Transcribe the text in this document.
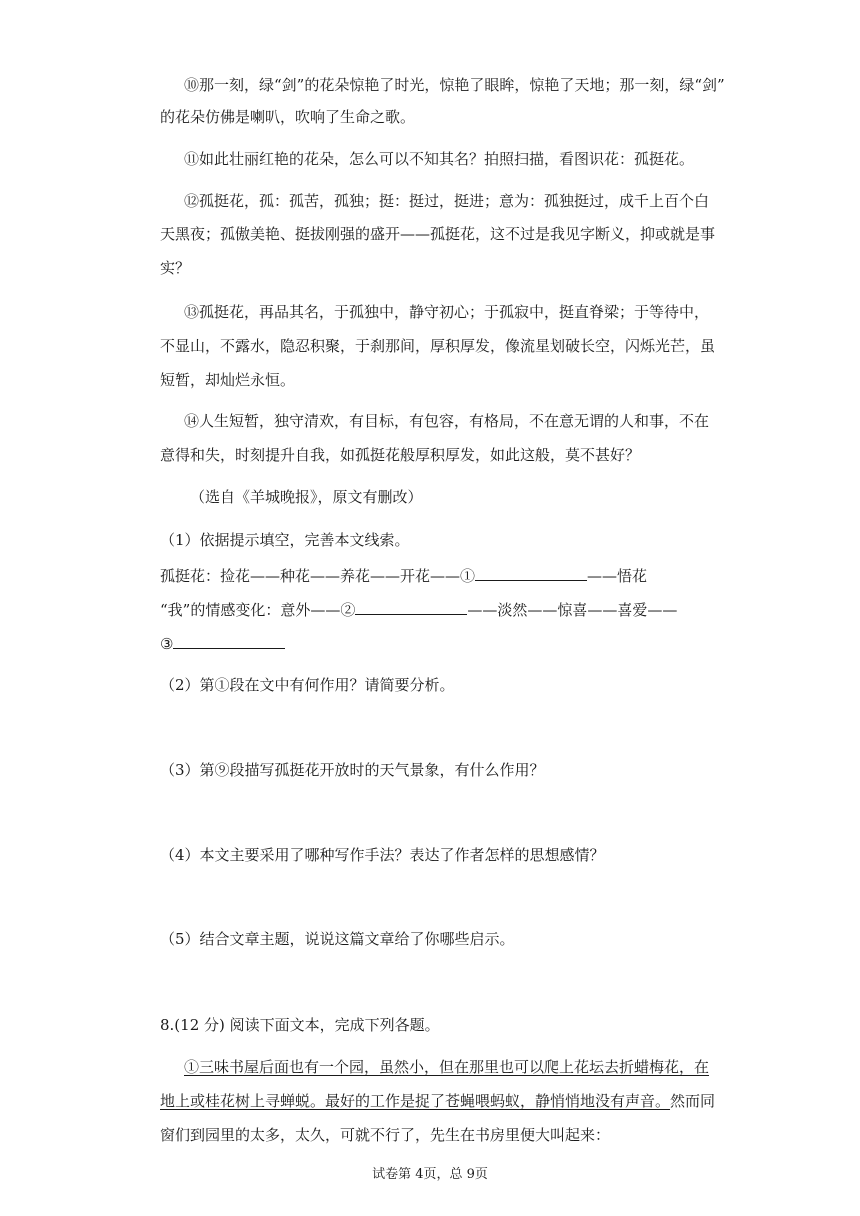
⑩那一刻，绿“剑”的花朵惊艳了时光，惊艳了眼眸，惊艳了天地；那一刻，绿“剑”
的花朵仿佛是喇叭，吹响了生命之歌。
⑪如此壮丽红艳的花朵，怎么可以不知其名？拍照扫描，看图识花：孤挺花。
⑫孤挺花，孤：孤苦，孤独；挺：挺过，挺进；意为：孤独挺过，成千上百个白
天黑夜；孤傲美艳、挺拔刚强的盛开——孤挺花，这不过是我见字断义，抑或就是事
实？
⑬孤挺花，再品其名，于孤独中，静守初心；于孤寂中，挺直脊梁；于等待中，
不显山，不露水，隐忍积聚，于刹那间，厚积厚发，像流星划破长空，闪烁光芒，虽
短暂，却灿烂永恒。
⑭人生短暂，独守清欢，有目标，有包容，有格局，不在意无谓的人和事，不在
意得和失，时刻提升自我，如孤挺花般厚积厚发，如此这般，莫不甚好？
（选自《羊城晚报》，原文有删改）
（1）依据提示填空，完善本文线索。
孤挺花：捡花——种花——养花——开花——①	——悟花
“我”的情感变化：意外——②	——淡然——惊喜——喜爱——
③
（2）第①段在文中有何作用？请简要分析。
（3）第⑨段描写孤挺花开放时的天气景象，有什么作用？
（4）本文主要采用了哪种写作手法？表达了作者怎样的思想感情？
（5）结合文章主题，说说这篇文章给了你哪些启示。
8.(12 分) 阅读下面文本，完成下列各题。
①三味书屋后面也有一个园，虽然小，但在那里也可以爬上花坛去折蜡梅花，在
地上或桂花树上寻蝉蜕。最好的工作是捉了苍蝇喂蚂蚁，静悄悄地没有声音。然而同
窗们到园里的太多，太久，可就不行了，先生在书房里便大叫起来：
试卷第 4页，总 9页
